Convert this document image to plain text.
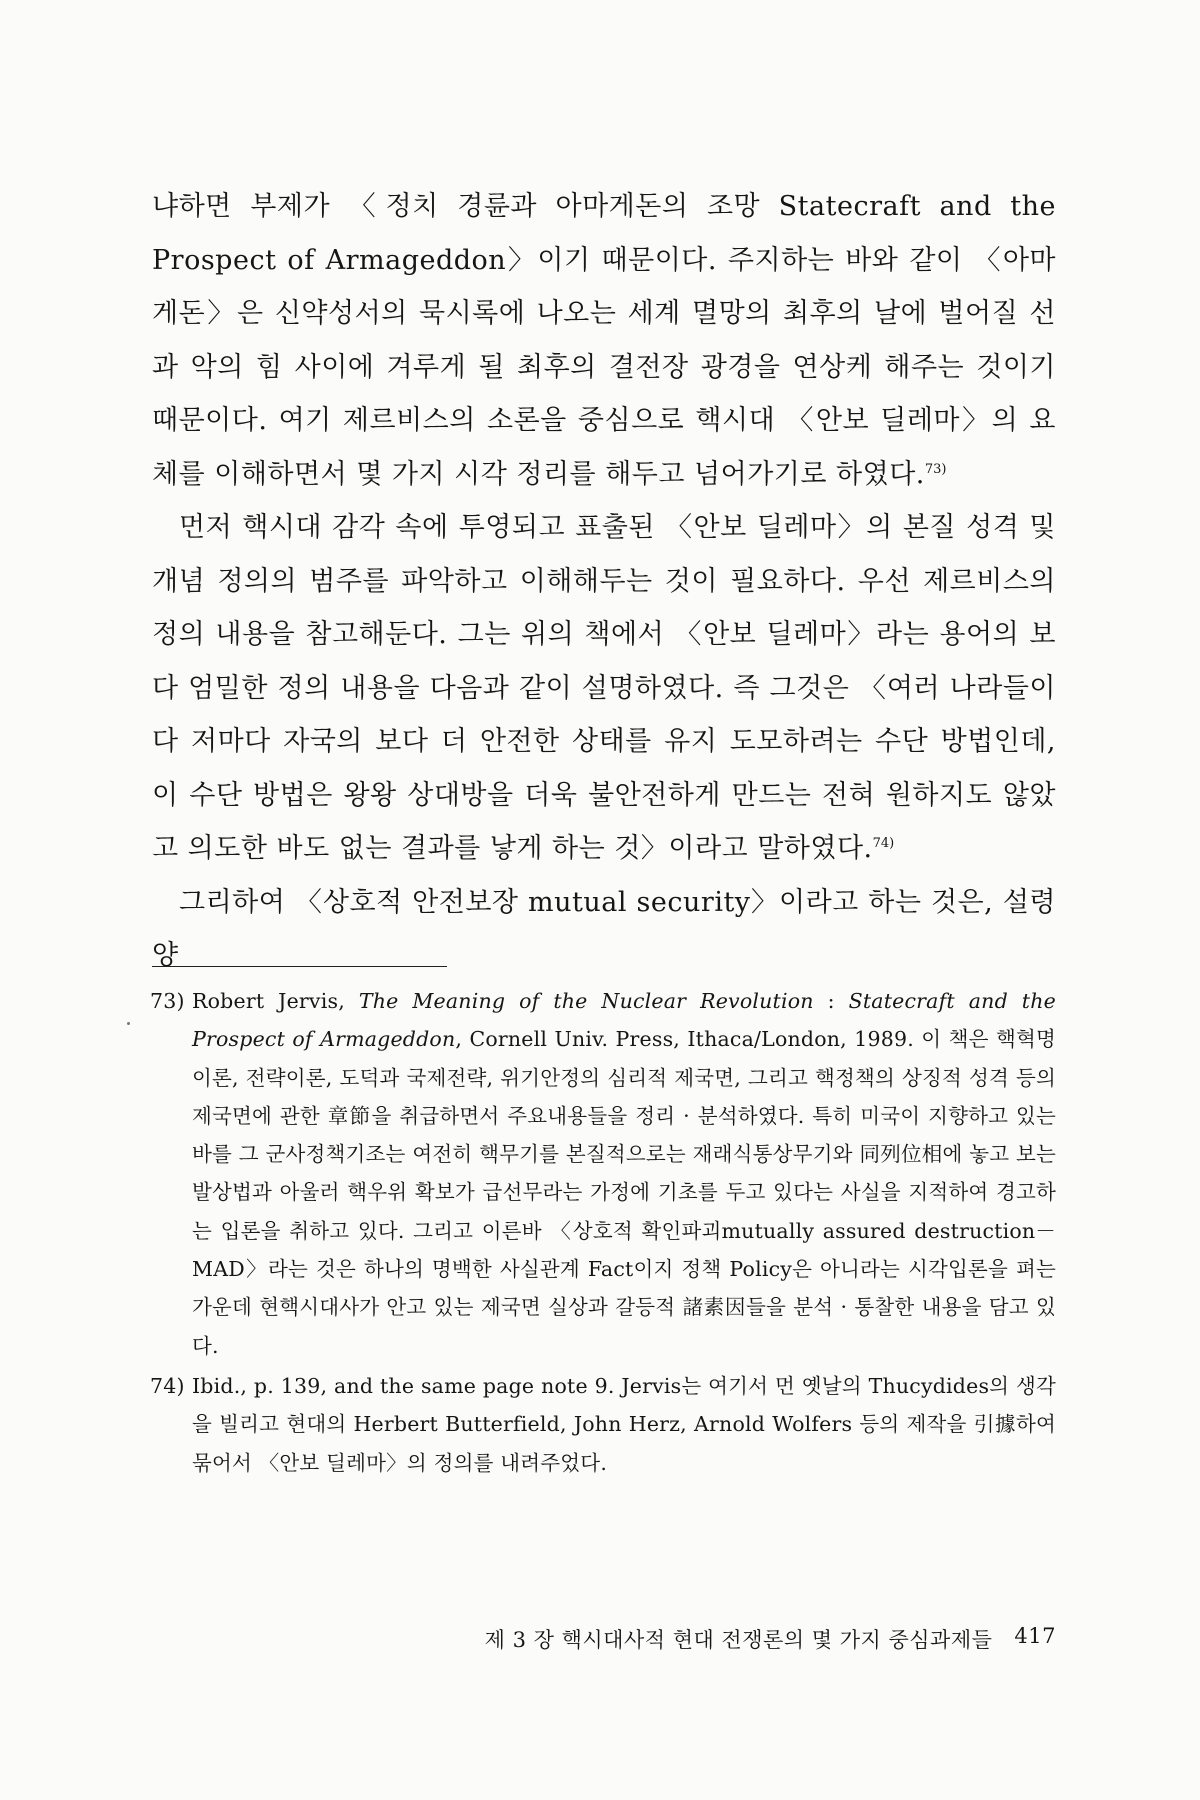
냐하면 부제가 〈정치 경륜과 아마게돈의 조망 Statecraft and the Prospect of Armageddon〉이기 때문이다. 주지하는 바와 같이 〈아마게돈〉은 신약성서의 묵시록에 나오는 세계 멸망의 최후의 날에 벌어질 선과 악의 힘 사이에 겨루게 될 최후의 결전장 광경을 연상케 해주는 것이기 때문이다. 여기 제르비스의 소론을 중심으로 핵시대 〈안보 딜레마〉의 요체를 이해하면서 몇 가지 시각 정리를 해두고 넘어가기로 하였다.$^{73)}$

먼저 핵시대 감각 속에 투영되고 표출된 〈안보 딜레마〉의 본질 성격 및 개념 정의의 범주를 파악하고 이해해두는 것이 필요하다. 우선 제르비스의 정의 내용을 참고해둔다. 그는 위의 책에서 〈안보 딜레마〉라는 용어의 보다 엄밀한 정의 내용을 다음과 같이 설명하였다. 즉 그것은 〈여러 나라들이 다 저마다 자국의 보다 더 안전한 상태를 유지 도모하려는 수단 방법인데, 이 수단 방법은 왕왕 상대방을 더욱 불안전하게 만드는 전혀 원하지도 않았고 의도한 바도 없는 결과를 낳게 하는 것〉이라고 말하였다.$^{74)}$

그리하여 〈상호적 안전보장 mutual security〉이라고 하는 것은, 설령 양

73) Robert Jervis, The Meaning of the Nuclear Revolution : Statecraft and the Prospect of Armageddon, Cornell Univ. Press, Ithaca/London, 1989. 이 책은 핵혁명이론, 전략이론, 도덕과 국제전략, 위기안정의 심리적 제국면, 그리고 핵정책의 상징적 성격 등의 제국면에 관한 章節을 취급하면서 주요내용들을 정리 · 분석하였다. 특히 미국이 지향하고 있는 바를 그 군사정책기조는 여전히 핵무기를 본질적으로는 재래식통상무기와 同列位相에 놓고 보는 발상법과 아울러 핵우위 확보가 급선무라는 가정에 기초를 두고 있다는 사실을 지적하여 경고하는 입론을 취하고 있다. 그리고 이른바 〈상호적 확인파괴mutually assured destruction－MAD〉라는 것은 하나의 명백한 사실관계 Fact이지 정책 Policy은 아니라는 시각입론을 펴는 가운데 현핵시대사가 안고 있는 제국면 실상과 갈등적 諸素因들을 분석 · 통찰한 내용을 담고 있다.
74) Ibid., p. 139, and the same page note 9. Jervis는 여기서 먼 옛날의 Thucydides의 생각을 빌리고 현대의 Herbert Butterfield, John Herz, Arnold Wolfers 등의 제작을 引據하여 묶어서 〈안보 딜레마〉의 정의를 내려주었다.
제 3 장 핵시대사적 현대 전쟁론의 몇 가지 중심과제들 417
